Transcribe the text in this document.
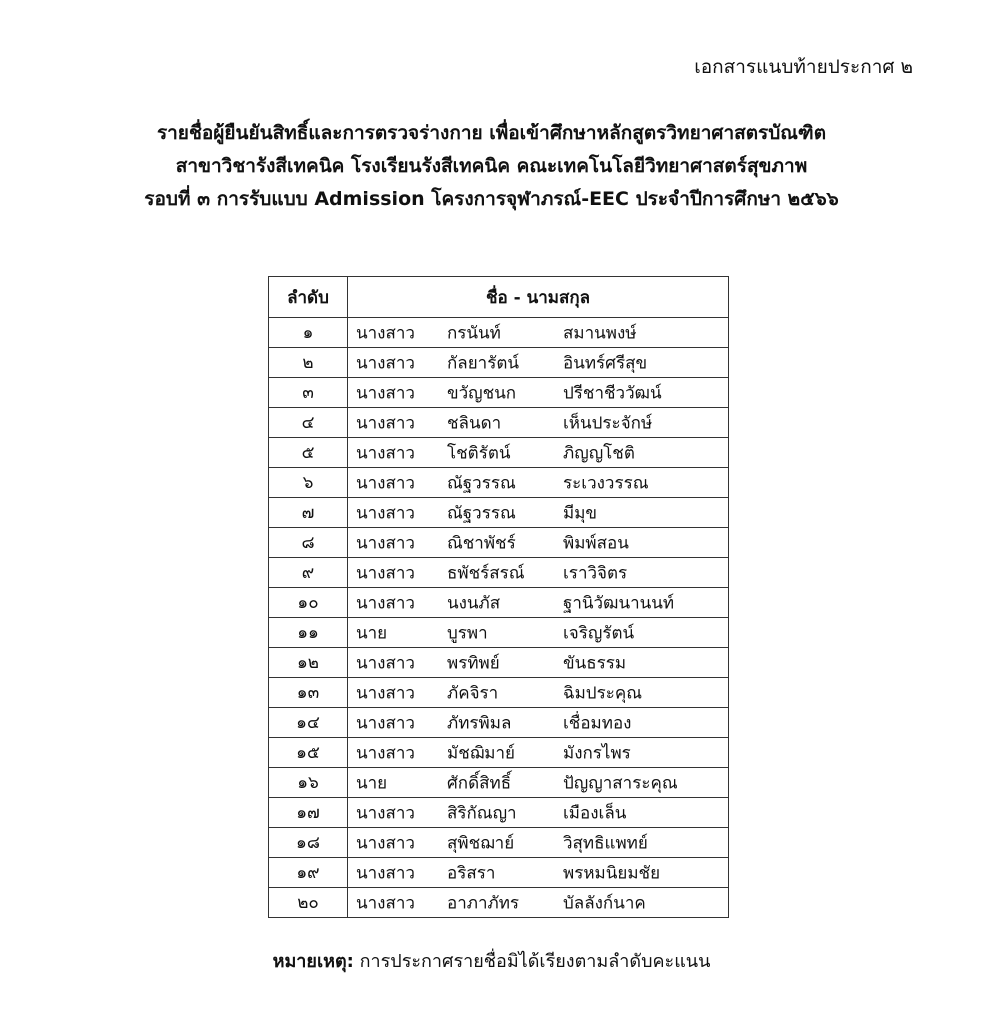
เอกสารแนบท้ายประกาศ ๒
รายชื่อผู้ยืนยันสิทธิ์และการตรวจร่างกาย เพื่อเข้าศึกษาหลักสูตรวิทยาศาสตรบัณฑิต
สาขาวิชารังสีเทคนิค โรงเรียนรังสีเทคนิค คณะเทคโนโลยีวิทยาศาสตร์สุขภาพ
รอบที่ ๓ การรับแบบ Admission โครงการจุฬาภรณ์-EEC ประจำปีการศึกษา ๒๕๖๖
ลำดับ	ชื่อ - นามสกุล
๑	นางสาว กรนันท์ สมานพงษ์

๒	นางสาว กัลยารัตน์ อินทร์ศรีสุข

๓	นางสาว ขวัญชนก ปรีชาชีววัฒน์

๔	นางสาว ชลินดา เห็นประจักษ์

๕	นางสาว โชติรัตน์ ภิญญโชติ

๖	นางสาว ณัฐวรรณ ระเวงวรรณ

๗	นางสาว ณัฐวรรณ มีมุข

๘	นางสาว ณิชาพัชร์ พิมพ์สอน

๙	นางสาว ธพัชร์สรณ์ เราวิจิตร

๑๐	นางสาว นงนภัส ฐานิวัฒนานนท์

๑๑	นาย บูรพา เจริญรัตน์

๑๒	นางสาว พรทิพย์ ขันธรรม

๑๓	นางสาว ภัคจิรา ฉิมประคุณ

๑๔	นางสาว ภัทรพิมล เชื่อมทอง

๑๕	นางสาว มัชฌิมาย์ มังกรไพร

๑๖	นาย ศักดิ์สิทธิ์ ปัญญาสาระคุณ

๑๗	นางสาว สิริกัณญา เมืองเล็น

๑๘	นางสาว สุพิชฌาย์ วิสุทธิแพทย์

๑๙	นางสาว อริสรา พรหมนิยมชัย

๒๐	นางสาว อาภาภัทร บัลลังก์นาค
หมายเหตุ: การประกาศรายชื่อมิได้เรียงตามลำดับคะแนน
